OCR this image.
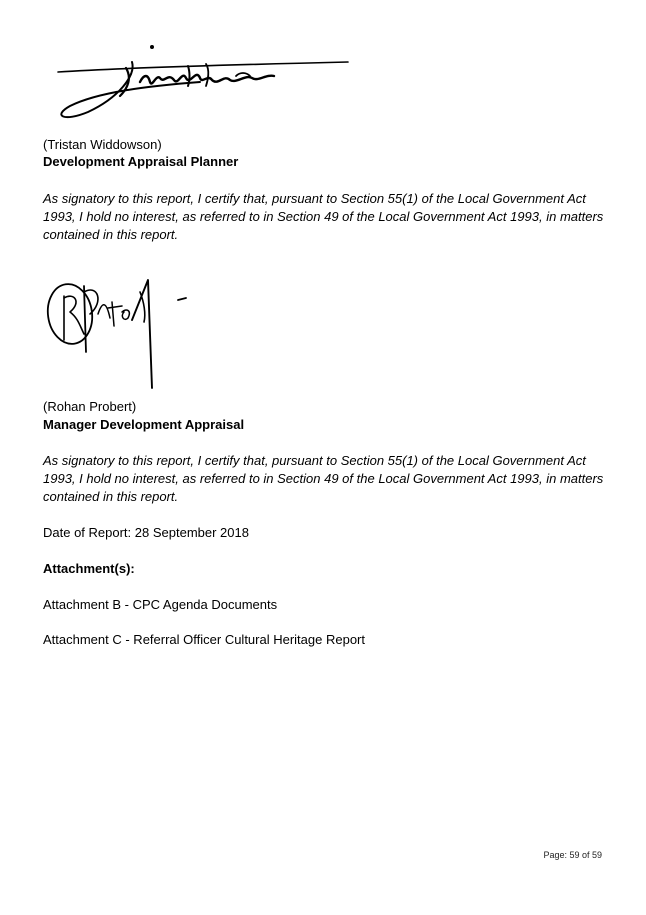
(Tristan Widdowson)
Development Appraisal Planner
As signatory to this report, I certify that, pursuant to Section 55(1) of the Local Government Act 1993, I hold no interest, as referred to in Section 49 of the Local Government Act 1993, in matters contained in this report.
(Rohan Probert)
Manager Development Appraisal
As signatory to this report, I certify that, pursuant to Section 55(1) of the Local Government Act 1993, I hold no interest, as referred to in Section 49 of the Local Government Act 1993, in matters contained in this report.
Date of Report: 28 September 2018
Attachment(s):
Attachment B - CPC Agenda Documents
Attachment C - Referral Officer Cultural Heritage Report
Page: 59 of 59
